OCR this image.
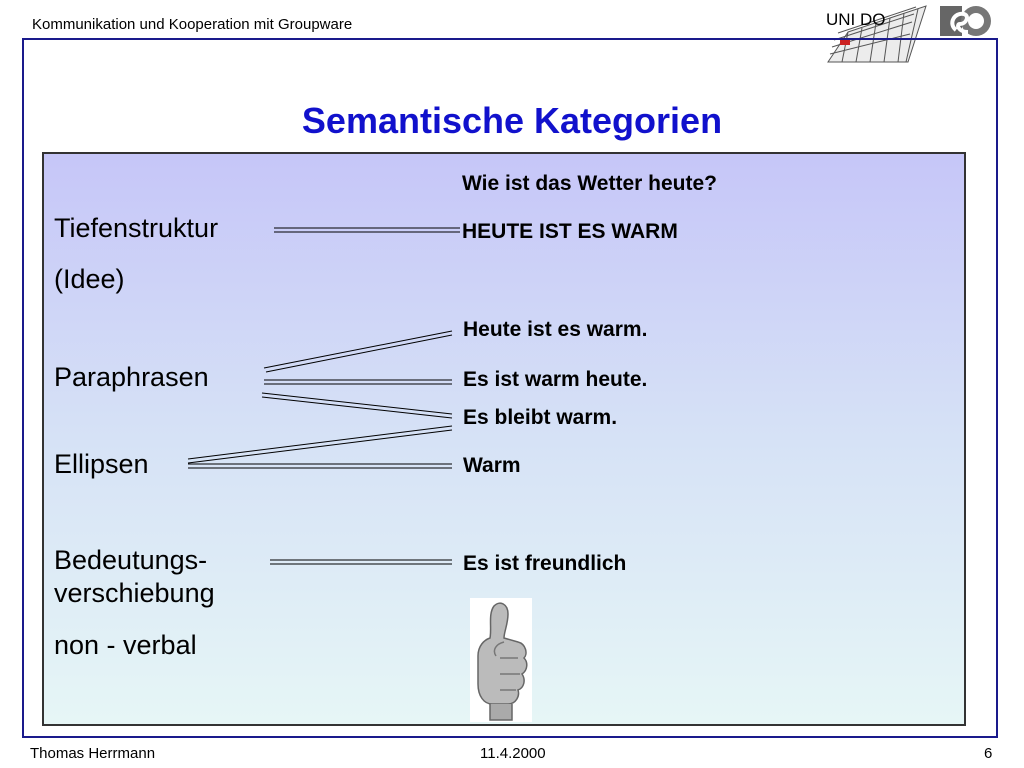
Kommunikation und Kooperation mit Groupware	UNI DO
Semantische Kategorien
Tiefenstruktur
(Idee)
Paraphrasen
Ellipsen
Bedeutungs-
verschiebung
non - verbal
Wie ist das Wetter heute?
HEUTE IST ES WARM
Heute ist es warm.
Es ist warm heute.
Es bleibt warm.
Warm
Es ist freundlich
Thomas Herrmann	11.4.2000	6
